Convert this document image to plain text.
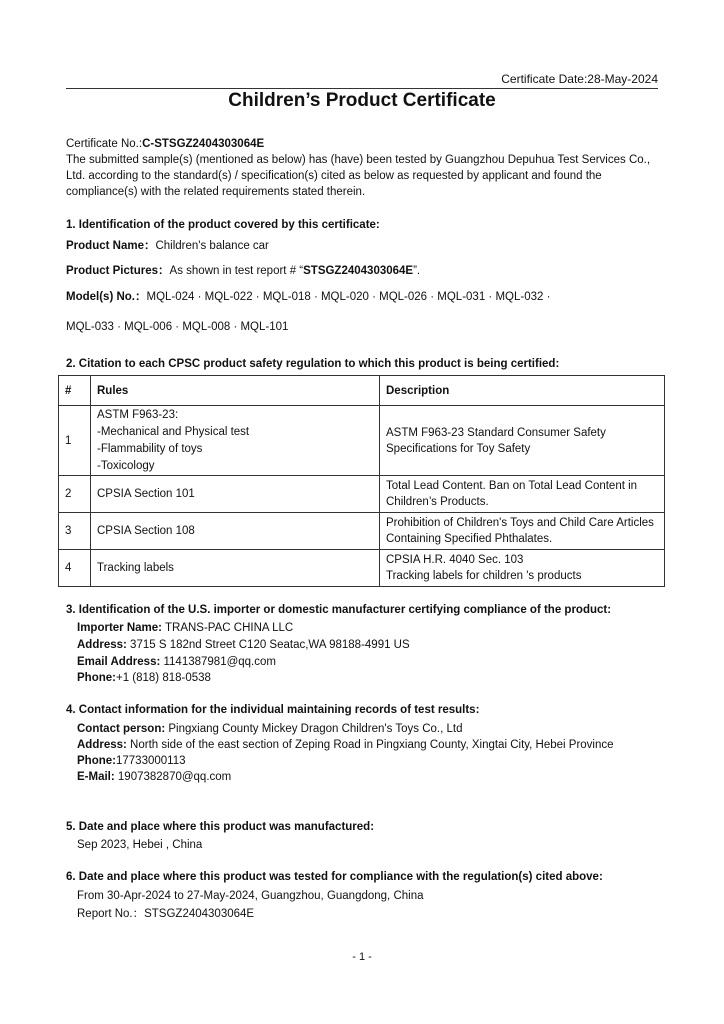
Certificate Date:28-May-2024
Children’s Product Certificate
Certificate No.:C-STSGZ2404303064E
The submitted sample(s) (mentioned as below) has (have) been tested by Guangzhou Depuhua Test Services Co.,
Ltd. according to the standard(s) / specification(s) cited as below as requested by applicant and found the
compliance(s) with the related requirements stated therein.
1. Identification of the product covered by this certificate:
Product Name：Children's balance car
Product Pictures：As shown in test report # “STSGZ2404303064E”.
Model(s) No.：MQL-024 · MQL-022 · MQL-018 · MQL-020 · MQL-026 · MQL-031 · MQL-032 ·
MQL-033 · MQL-006 · MQL-008 · MQL-101
2. Citation to each CPSC product safety regulation to which this product is being certified:
#	Rules	Description
1	ASTM F963-23:
-Mechanical and Physical test
-Flammability of toys
-Toxicology	ASTM F963-23 Standard Consumer Safety
Specifications for Toy Safety

2	CPSIA Section 101	Total Lead Content. Ban on Total Lead Content in
Children’s Products.

3	CPSIA Section 108	Prohibition of Children's Toys and Child Care Articles
Containing Specified Phthalates.

4	Tracking labels	CPSIA H.R. 4040 Sec. 103
Tracking labels for children 's products
3. Identification of the U.S. importer or domestic manufacturer certifying compliance of the product:
Importer Name: TRANS-PAC CHINA LLC
Address: 3715 S 182nd Street C120 Seatac,WA 98188-4991 US
Email Address: 1141387981@qq.com
Phone:+1 (818) 818-0538
4. Contact information for the individual maintaining records of test results:
Contact person: Pingxiang County Mickey Dragon Children's Toys Co., Ltd
Address: North side of the east section of Zeping Road in Pingxiang County, Xingtai City, Hebei Province
Phone:17733000113
E-Mail: 1907382870@qq.com
5. Date and place where this product was manufactured:
Sep 2023, Hebei , China
6. Date and place where this product was tested for compliance with the regulation(s) cited above:
From 30-Apr-2024 to 27-May-2024, Guangzhou, Guangdong, China
Report No.：STSGZ2404303064E
- 1 -
